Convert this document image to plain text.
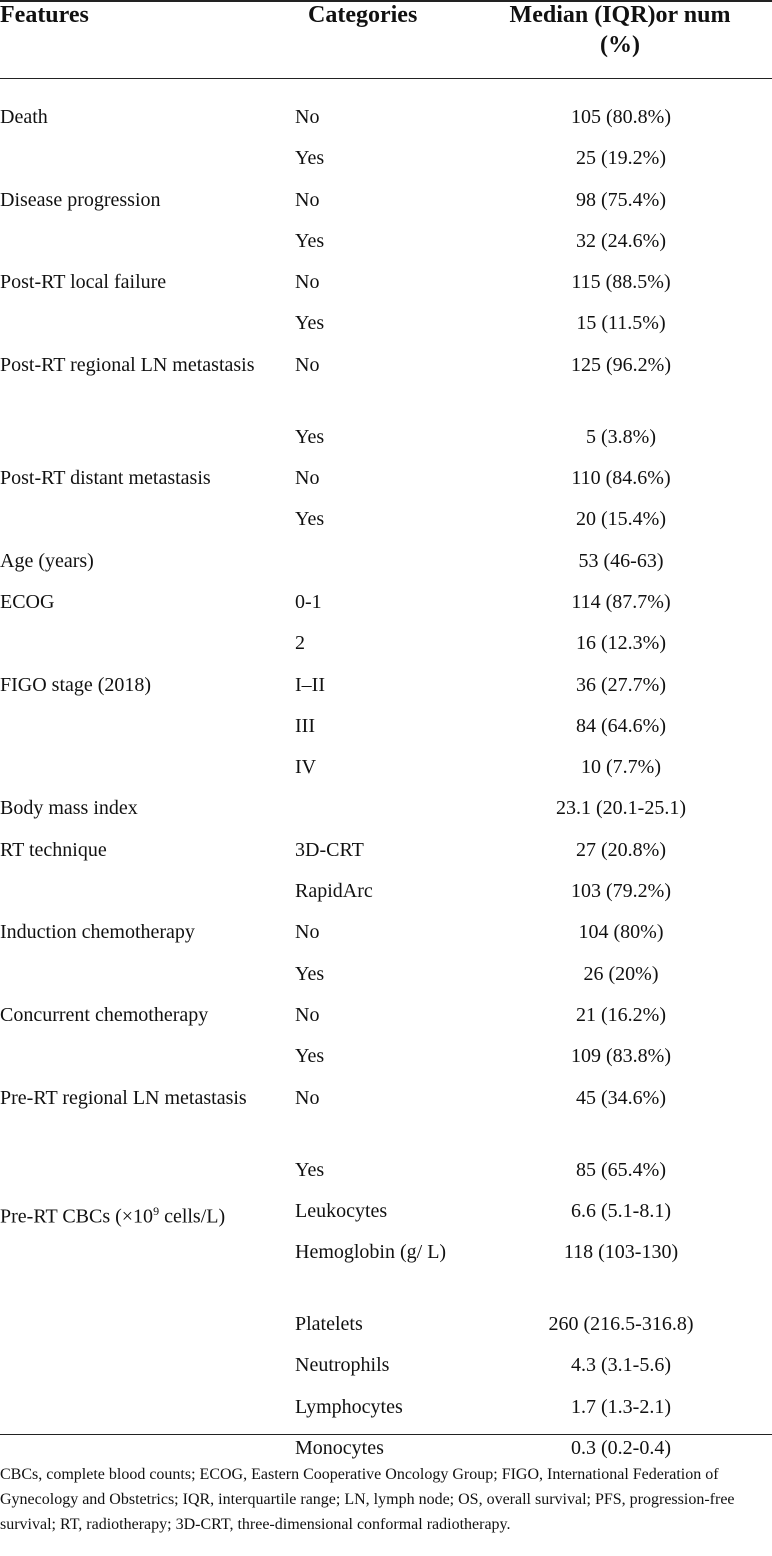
Features	Categories	Median (IQR)or num
(%)
Death	No	105 (80.8%)
	Yes	25 (19.2%)
Disease progression	No	98 (75.4%)
	Yes	32 (24.6%)
Post-RT local failure	No	115 (88.5%)
	Yes	15 (11.5%)
Post-RT regional LN metastasis	No	125 (96.2%)
	Yes	5 (3.8%)
Post-RT distant metastasis	No	110 (84.6%)
	Yes	20 (15.4%)
Age (years)		53 (46-63)
ECOG	0-1	114 (87.7%)
	2	16 (12.3%)
FIGO stage (2018)	I–II	36 (27.7%)
	III	84 (64.6%)
	IV	10 (7.7%)
Body mass index		23.1 (20.1-25.1)
RT technique	3D-CRT	27 (20.8%)
	RapidArc	103 (79.2%)
Induction chemotherapy	No	104 (80%)
	Yes	26 (20%)
Concurrent chemotherapy	No	21 (16.2%)
	Yes	109 (83.8%)
Pre-RT regional LN metastasis	No	45 (34.6%)
	Yes	85 (65.4%)
Pre-RT CBCs ($\times 10^9$ cells/L)	Leukocytes	6.6 (5.1-8.1)
	Hemoglobin (g/ L)	118 (103-130)
	Platelets	260 (216.5-316.8)
	Neutrophils	4.3 (3.1-5.6)
	Lymphocytes	1.7 (1.3-2.1)
	Monocytes	0.3 (0.2-0.4)
CBCs, complete blood counts; ECOG, Eastern Cooperative Oncology Group; FIGO, International Federation of Gynecology and Obstetrics; IQR, interquartile range; LN, lymph node; OS, overall survival; PFS, progression-free survival; RT, radiotherapy; 3D-CRT, three-dimensional conformal radiotherapy.
